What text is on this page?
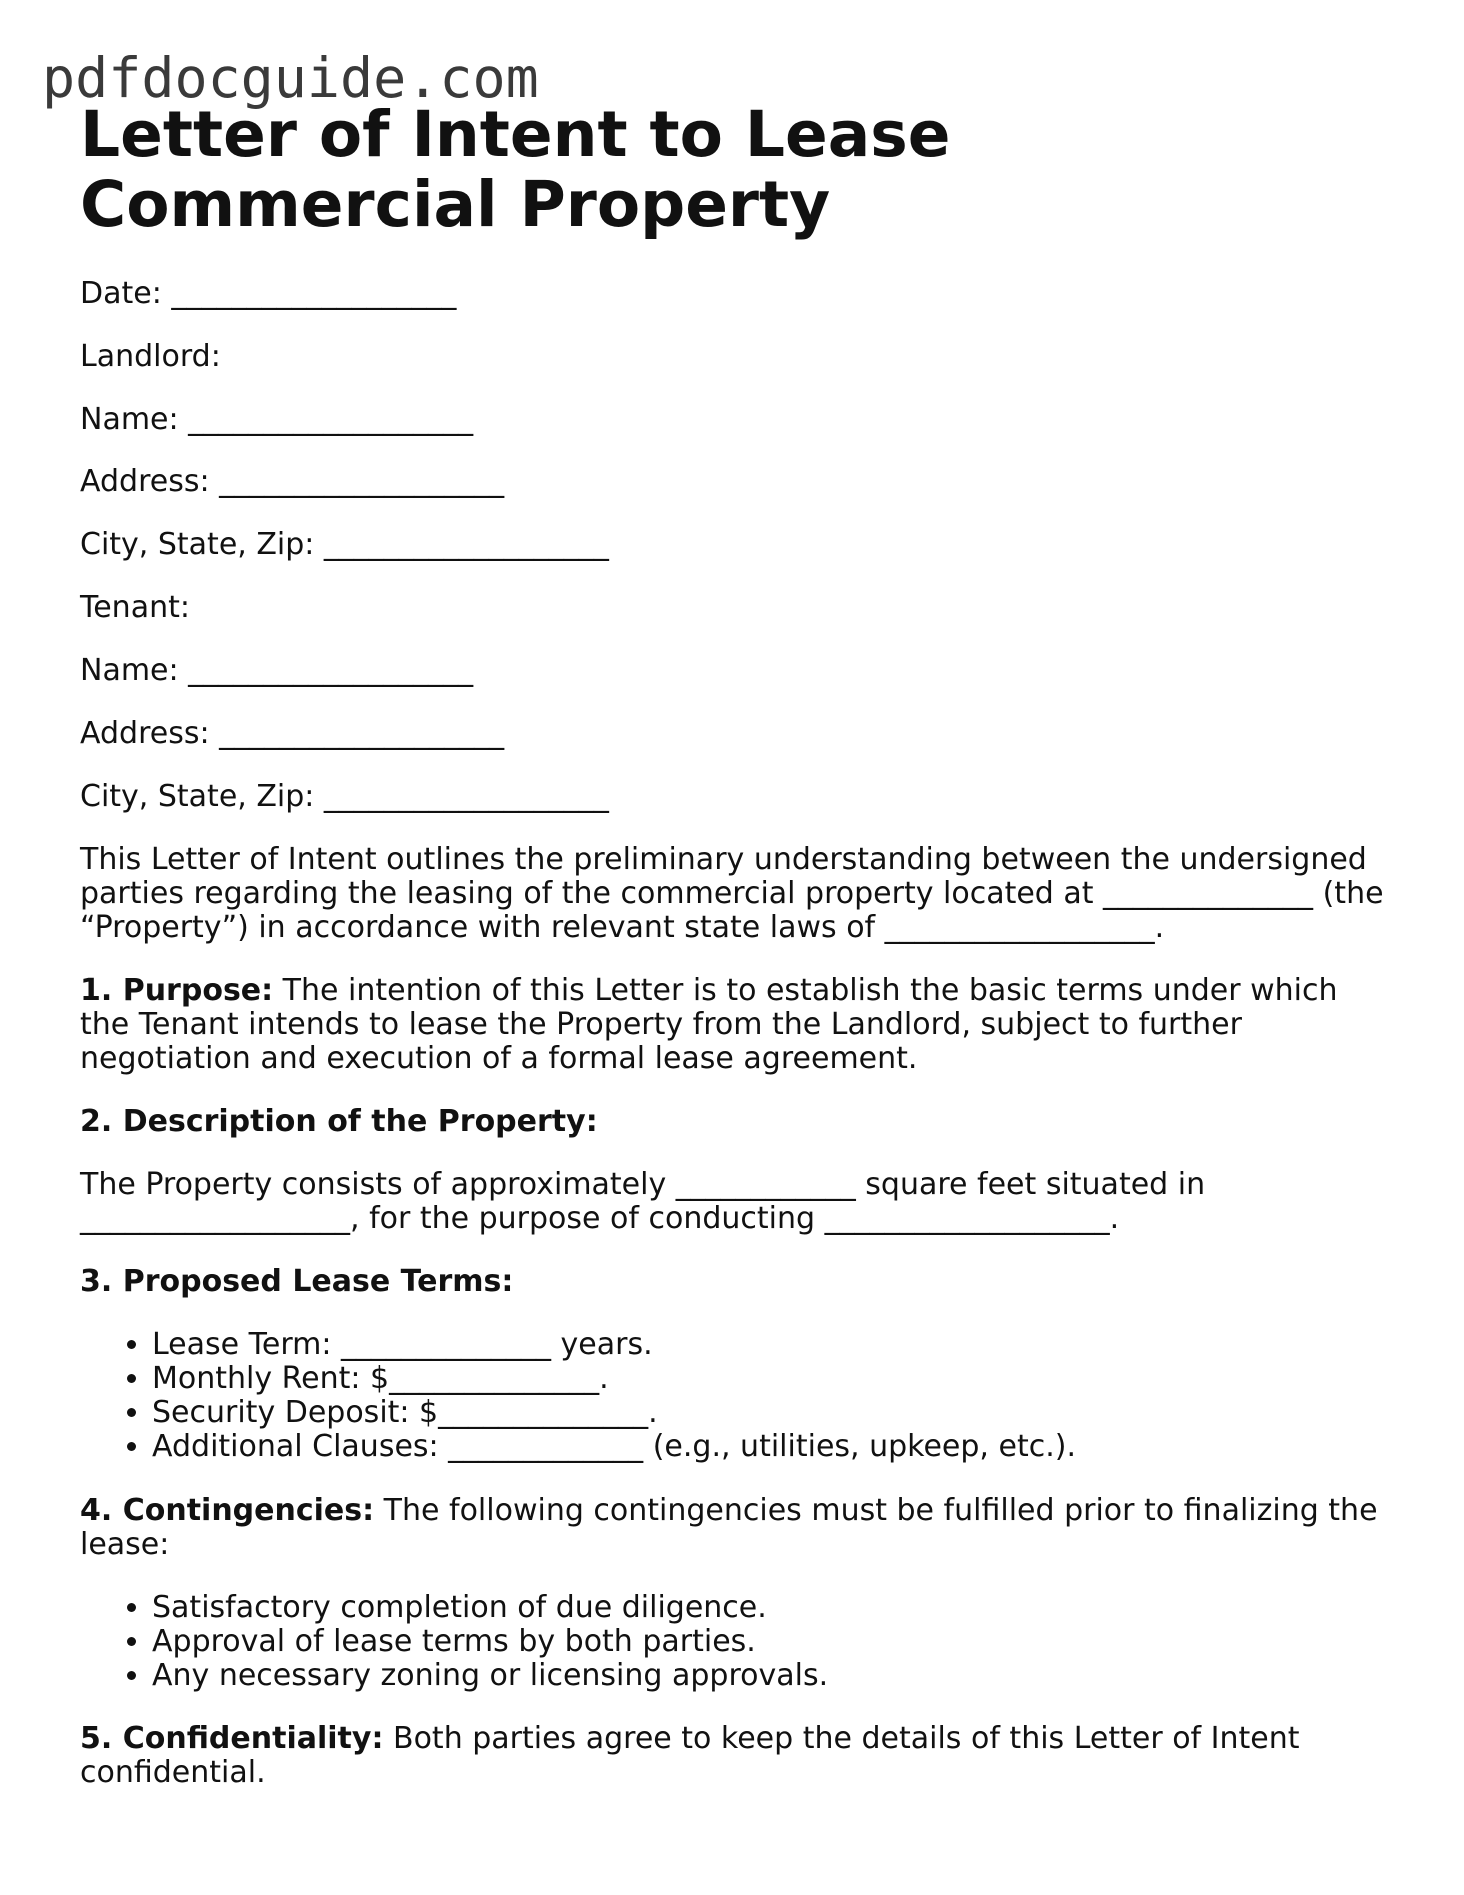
pdfdocguide.com
Letter of Intent to Lease Commercial Property

Date: ___________________

Landlord:

Name: ___________________

Address: ___________________

City, State, Zip: ___________________

Tenant:

Name: ___________________

Address: ___________________

City, State, Zip: ___________________

This Letter of Intent outlines the preliminary understanding between the undersigned parties regarding the leasing of the commercial property located at ______________ (the “Property”) in accordance with relevant state laws of __________________.

1. Purpose: The intention of this Letter is to establish the basic terms under which the Tenant intends to lease the Property from the Landlord, subject to further negotiation and execution of a formal lease agreement.

2. Description of the Property:

The Property consists of approximately ____________ square feet situated in __________________, for the purpose of conducting ___________________.

3. Proposed Lease Terms:

• Lease Term: ______________ years.
• Monthly Rent: $______________.
• Security Deposit: $______________.
• Additional Clauses: _____________ (e.g., utilities, upkeep, etc.).

4. Contingencies: The following contingencies must be fulfilled prior to finalizing the lease:

• Satisfactory completion of due diligence.
• Approval of lease terms by both parties.
• Any necessary zoning or licensing approvals.

5. Confidentiality: Both parties agree to keep the details of this Letter of Intent confidential.
